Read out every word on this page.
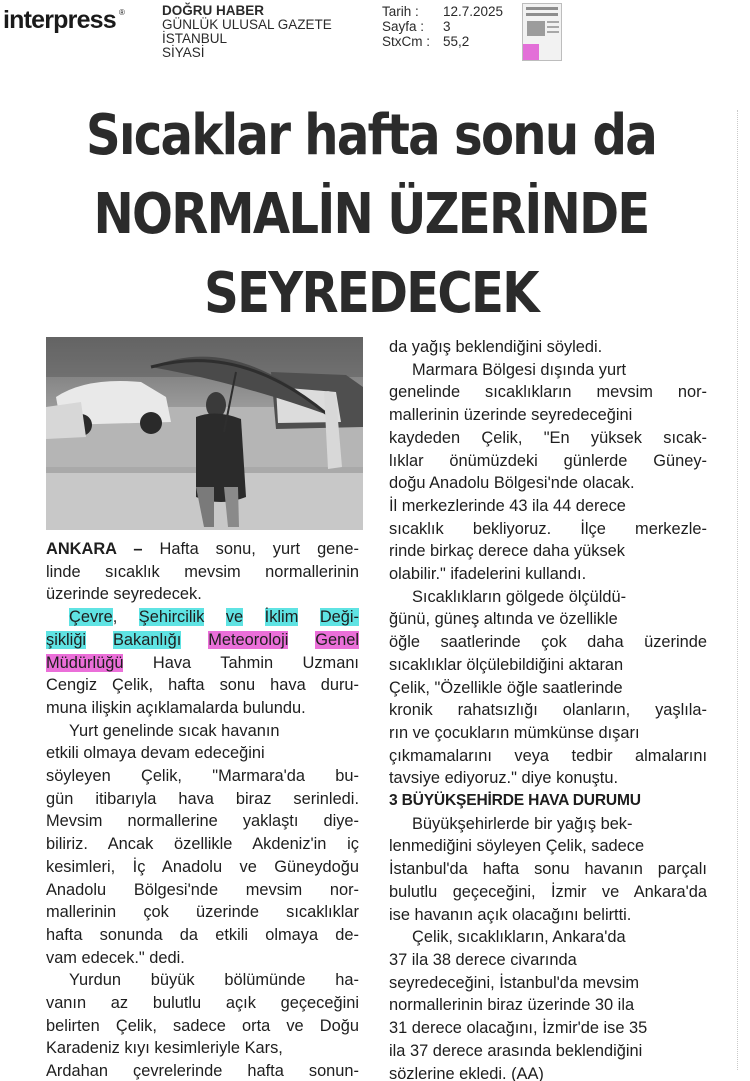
interpress ®	DOĞRU HABER
GÜNLÜK ULUSAL GAZETE
İSTANBUL
SİYASİ
Tarih :	12.7.2025
Sayfa :	3
StxCm : 55,2
Sıcaklar hafta sonu da
NORMALİN ÜZERİNDE
SEYREDECEK

ANKARA – Hafta sonu, yurt gene-
linde sıcaklık mevsim normallerinin
üzerinde seyredecek.

Çevre, Şehircilik ve İklim Deği-
şikliği Bakanlığı Meteoroloji Genel
Müdürlüğü Hava Tahmin Uzmanı
Cengiz Çelik, hafta sonu hava duru-
muna ilişkin açıklamalarda bulundu.

Yurt genelinde sıcak havanın
etkili olmaya devam edeceğini
söyleyen Çelik, "Marmara'da bu-
gün itibarıyla hava biraz serinledi.
Mevsim normallerine yaklaştı diye-
biliriz. Ancak özellikle Akdeniz'in iç
kesimleri, İç Anadolu ve Güneydoğu
Anadolu Bölgesi'nde mevsim nor-
mallerinin çok üzerinde sıcaklıklar
hafta sonunda da etkili olmaya de-
vam edecek." dedi.

Yurdun büyük bölümünde ha-
vanın az bulutlu açık geçeceğini
belirten Çelik, sadece orta ve Doğu
Karadeniz kıyı kesimleriyle Kars,
Ardahan çevrelerinde hafta sonun-

da yağış beklendiğini söyledi.

Marmara Bölgesi dışında yurt
genelinde sıcaklıkların mevsim nor-
mallerinin üzerinde seyredeceğini
kaydeden Çelik, "En yüksek sıcak-
lıklar önümüzdeki günlerde Güney-
doğu Anadolu Bölgesi'nde olacak.
İl merkezlerinde 43 ila 44 derece
sıcaklık bekliyoruz. İlçe merkezle-
rinde birkaç derece daha yüksek
olabilir." ifadelerini kullandı.

Sıcaklıkların gölgede ölçüldü-
ğünü, güneş altında ve özellikle
öğle saatlerinde çok daha üzerinde
sıcaklıklar ölçülebildiğini aktaran
Çelik, "Özellikle öğle saatlerinde
kronik rahatsızlığı olanların, yaşlıla-
rın ve çocukların mümkünse dışarı
çıkmamalarını veya tedbir almalarını
tavsiye ediyoruz." diye konuştu.

3 BÜYÜKŞEHİRDE HAVA DURUMU

Büyükşehirlerde bir yağış bek-
lenmediğini söyleyen Çelik, sadece
İstanbul'da hafta sonu havanın parçalı
bulutlu geçeceğini, İzmir ve Ankara'da
ise havanın açık olacağını belirtti.

Çelik, sıcaklıkların, Ankara'da
37 ila 38 derece civarında
seyredeceğini, İstanbul'da mevsim
normallerinin biraz üzerinde 30 ila
31 derece olacağını, İzmir'de ise 35
ila 37 derece arasında beklendiğini
sözlerine ekledi. (AA)
